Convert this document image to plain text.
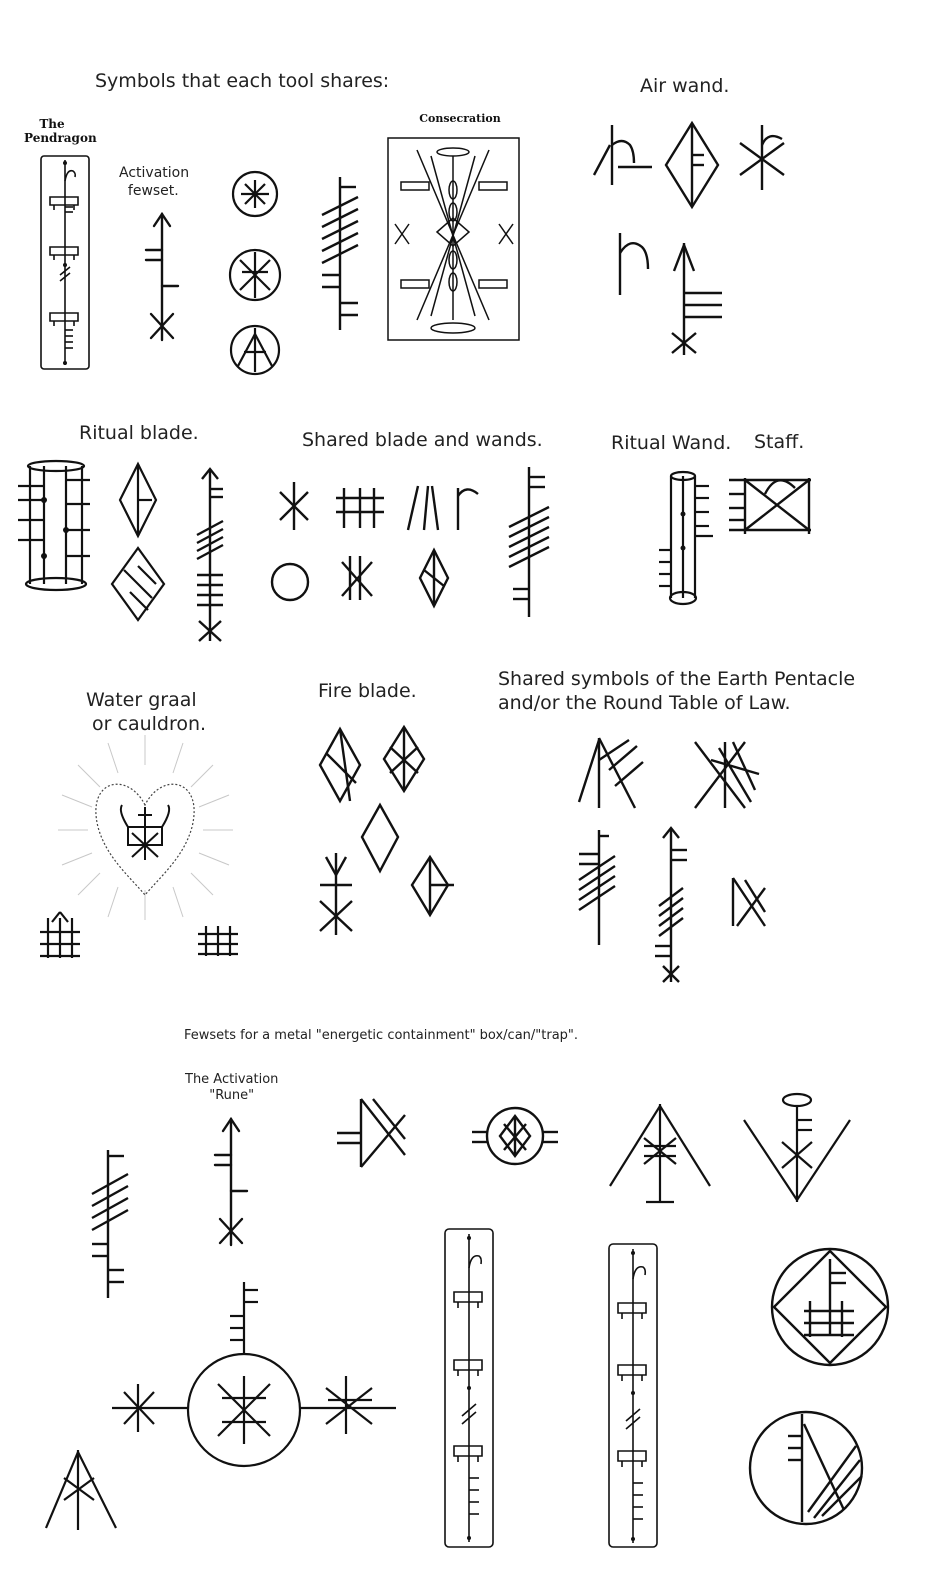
Symbols that each tool shares:
The
Pendragon
Activation
fewset.
Consecration
Air wand.
Ritual blade.	Shared blade and wands.	Ritual Wand. Staff.
Water graal
or cauldron.
Fire blade.
Shared symbols of the Earth Pentacle
and/or the Round Table of Law.
Fewsets for a metal "energetic containment" box/can/"trap".
The Activation
"Rune"
